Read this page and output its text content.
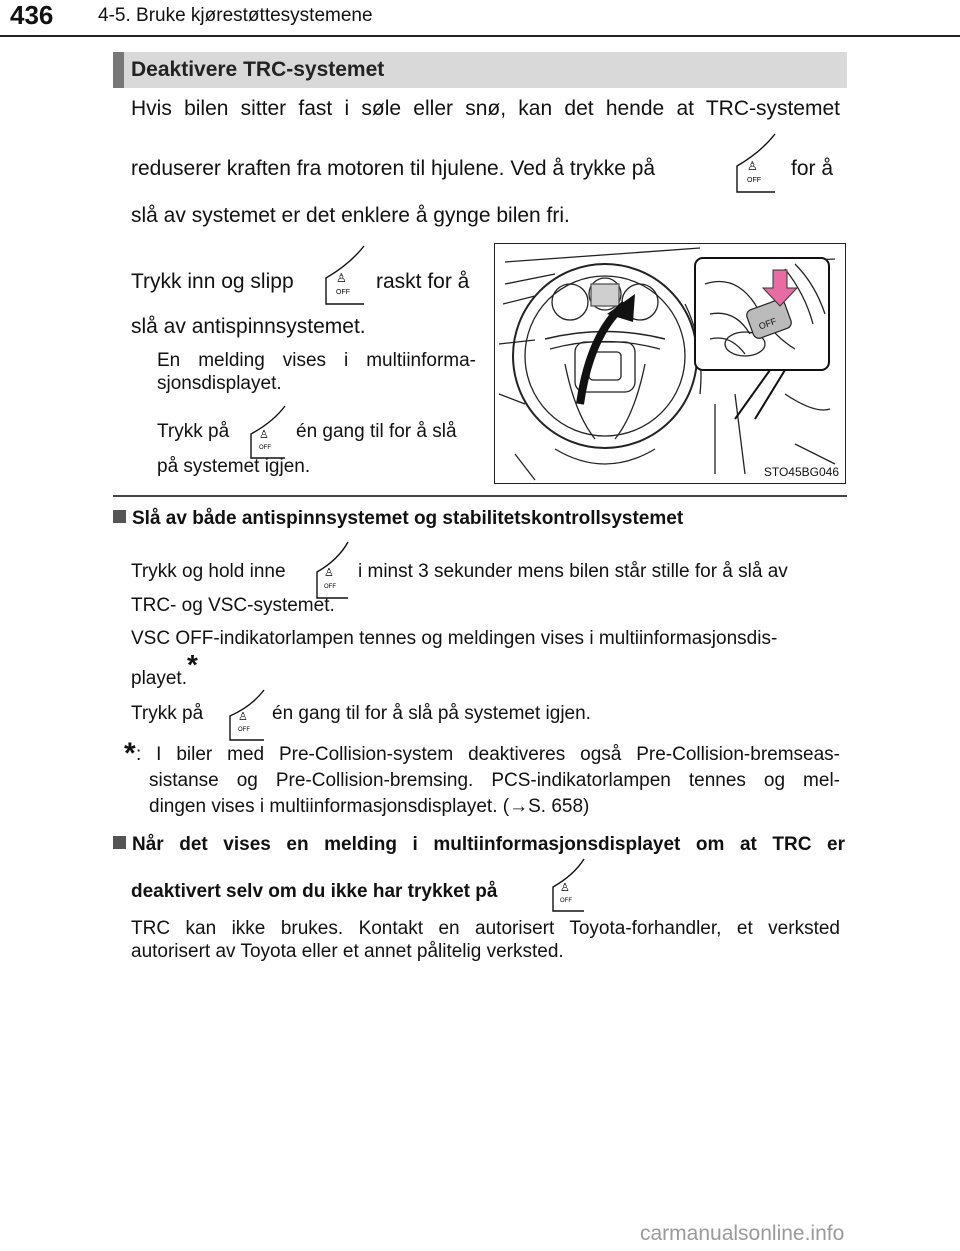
436 4-5. Bruke kjørestøttesystemene
Deaktivere TRC-systemet
Hvis bilen sitter fast i søle eller snø, kan det hende at TRC-systemet
reduserer kraften fra motoren til hjulene. Ved å trykke på	for å
slå av systemet er det enklere å gynge bilen fri.
Trykk inn og slipp	raskt for å
slå av antispinnsystemet.
En melding vises i multiinforma-
sjonsdisplayet.
Trykk på	én gang til for å slå
på systemet igjen.
OFF
STO45BG046
♙
OFF
♙
OFF
♙
OFF
♙
OFF
♙
OFF
♙
OFF
Slå av både antispinnsystemet og stabilitetskontrollsystemet
Trykk og hold inne	i minst 3 sekunder mens bilen står stille for å slå av
TRC- og VSC-systemet.
VSC OFF-indikatorlampen tennes og meldingen vises i multiinformasjonsdis-
playet.*
Trykk på	én gang til for å slå på systemet igjen.
* : I biler med Pre-Collision-system deaktiveres også Pre-Collision-bremseas-
sistanse og Pre-Collision-bremsing. PCS-indikatorlampen tennes og mel-
dingen vises i multiinformasjonsdisplayet. (→S. 658)
Når det vises en melding i multiinformasjonsdisplayet om at TRC er
deaktivert selv om du ikke har trykket på
TRC kan ikke brukes. Kontakt en autorisert Toyota-forhandler, et verksted
autorisert av Toyota eller et annet pålitelig verksted.
carmanualsonline.info
